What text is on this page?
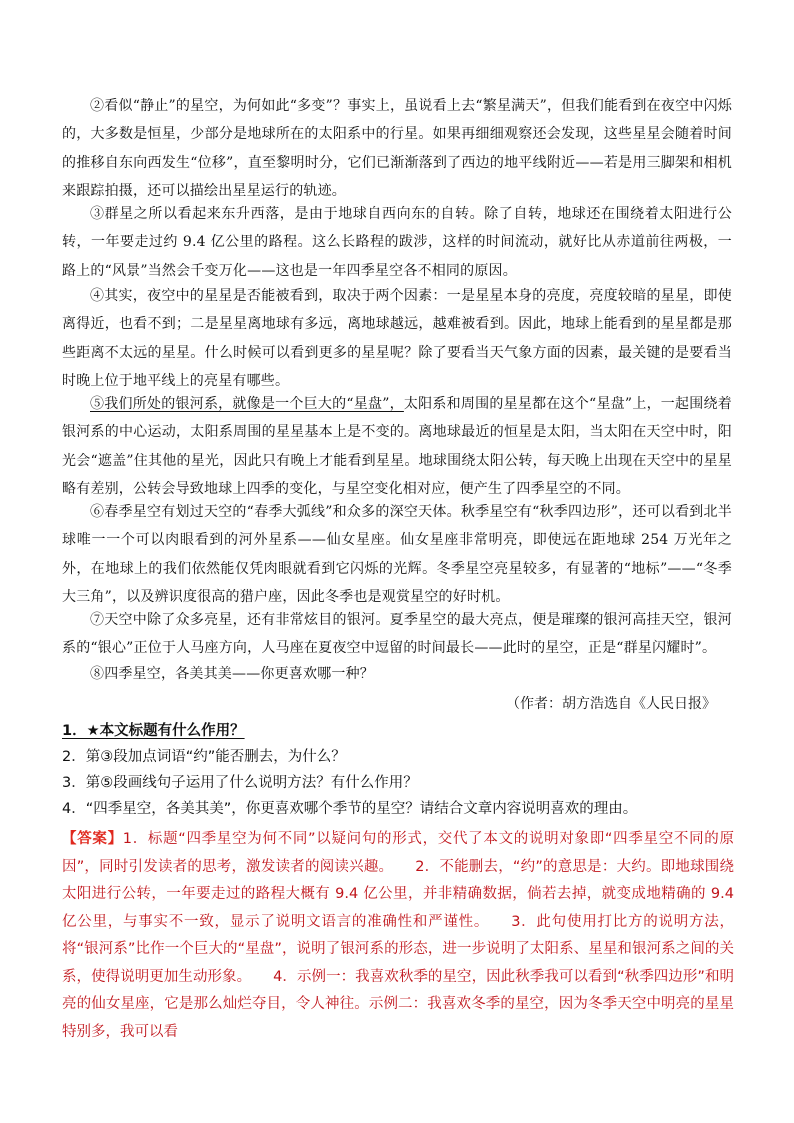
②看似“静止”的星空，为何如此“多变”？事实上，虽说看上去“繁星满天”，但我们能看到在夜空中闪烁的，大多数是恒星，少部分是地球所在的太阳系中的行星。如果再细细观察还会发现，这些星星会随着时间的推移自东向西发生“位移”，直至黎明时分，它们已渐渐落到了西边的地平线附近——若是用三脚架和相机来跟踪拍摄，还可以描绘出星星运行的轨迹。

③群星之所以看起来东升西落，是由于地球自西向东的自转。除了自转，地球还在围绕着太阳进行公转，一年要走过约 9.4 亿公里的路程。这么长路程的跋涉，这样的时间流动，就好比从赤道前往两极，一路上的“风景”当然会千变万化——这也是一年四季星空各不相同的原因。

④其实，夜空中的星星是否能被看到，取决于两个因素：一是星星本身的亮度，亮度较暗的星星，即使离得近，也看不到；二是星星离地球有多远，离地球越远，越难被看到。因此，地球上能看到的星星都是那些距离不太远的星星。什么时候可以看到更多的星星呢？除了要看当天气象方面的因素，最关键的是要看当时晚上位于地平线上的亮星有哪些。

⑤我们所处的银河系，就像是一个巨大的“星盘”，太阳系和周围的星星都在这个“星盘”上，一起围绕着银河系的中心运动，太阳系周围的星星基本上是不变的。离地球最近的恒星是太阳，当太阳在天空中时，阳光会“遮盖”住其他的星光，因此只有晚上才能看到星星。地球围绕太阳公转，每天晚上出现在天空中的星星略有差别，公转会导致地球上四季的变化，与星空变化相对应，便产生了四季星空的不同。

⑥春季星空有划过天空的“春季大弧线”和众多的深空天体。秋季星空有“秋季四边形”，还可以看到北半球唯一一个可以肉眼看到的河外星系——仙女星座。仙女星座非常明亮，即使远在距地球 254 万光年之外，在地球上的我们依然能仅凭肉眼就看到它闪烁的光辉。冬季星空亮星较多，有显著的“地标”——“冬季大三角”，以及辨识度很高的猎户座，因此冬季也是观赏星空的好时机。

⑦天空中除了众多亮星，还有非常炫目的银河。夏季星空的最大亮点，便是璀璨的银河高挂天空，银河系的“银心”正位于人马座方向，人马座在夏夜空中逗留的时间最长——此时的星空，正是“群星闪耀时”。

⑧四季星空，各美其美——你更喜欢哪一种？

（作者：胡方浩选自《人民日报》
1．★本文标题有什么作用？
2．第③段加点词语“约”能否删去，为什么？
3．第⑤段画线句子运用了什么说明方法？有什么作用？
4．“四季星空，各美其美”，你更喜欢哪个季节的星空？请结合文章内容说明喜欢的理由。
【答案】1．标题“四季星空为何不同”以疑问句的形式，交代了本文的说明对象即“四季星空不同的原因”，同时引发读者的思考，激发读者的阅读兴趣。 2．不能删去，“约”的意思是：大约。即地球围绕太阳进行公转，一年要走过的路程大概有 9.4 亿公里，并非精确数据，倘若去掉，就变成地精确的 9.4 亿公里，与事实不一致，显示了说明文语言的准确性和严谨性。 3．此句使用打比方的说明方法，将“银河系”比作一个巨大的“星盘”，说明了银河系的形态，进一步说明了太阳系、星星和银河系之间的关系，使得说明更加生动形象。 4．示例一：我喜欢秋季的星空，因此秋季我可以看到“秋季四边形”和明亮的仙女星座，它是那么灿烂夺目，令人神往。示例二：我喜欢冬季的星空，因为冬季天空中明亮的星星特别多，我可以看
